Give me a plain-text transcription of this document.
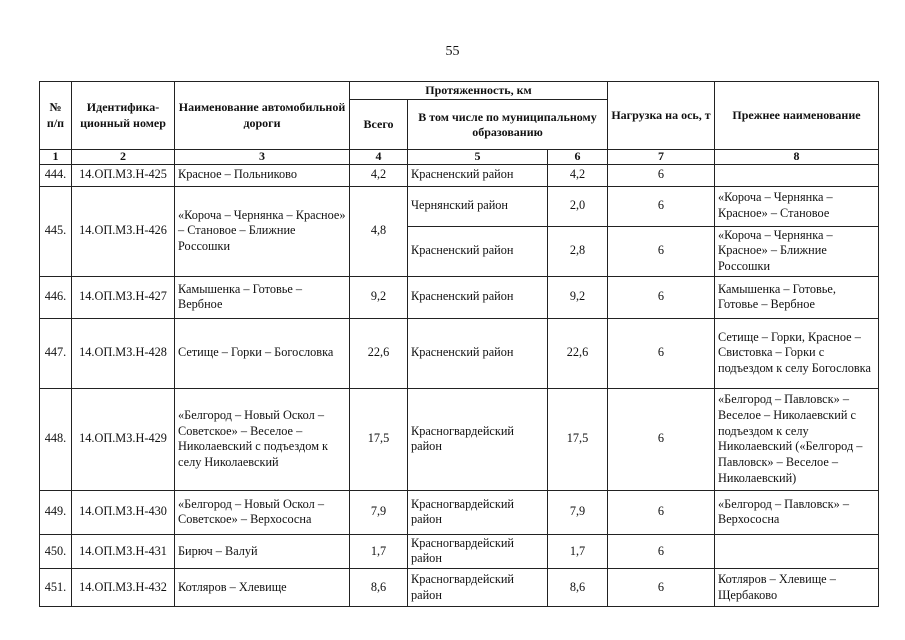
55
№ п/п	Идентифика-ционный номер	Наименование автомобильной дороги	Протяженность, км			Нагрузка на ось, т	Прежнее наименование
			Всего	В том числе по муниципальному образованию			
1	2	3	4	5	6	7	8
444.	14.ОП.МЗ.Н-425	Красное – Польниково	4,2	Красненский район	4,2	6	
445.	14.ОП.МЗ.Н-426	«Короча – Чернянка – Красное» – Становое – Ближние Россошки	4,8	Чернянский район	2,0	6	«Короча – Чернянка – Красное» – Становое
				Красненский район	2,8	6	«Короча – Чернянка – Красное» – Ближние Россошки
446.	14.ОП.МЗ.Н-427	Камышенка – Готовье – Вербное	9,2	Красненский район	9,2	6	Камышенка – Готовье, Готовье – Вербное
447.	14.ОП.МЗ.Н-428	Сетище – Горки – Богословка	22,6	Красненский район	22,6	6	Сетище – Горки, Красное – Свистовка – Горки с подъездом к селу Богословка
448.	14.ОП.МЗ.Н-429	«Белгород – Новый Оскол – Советское» – Веселое – Николаевский с подъездом к селу Николаевский	17,5	Красногвардейский район	17,5	6	«Белгород – Павловск» – Веселое – Николаевский с подъездом к селу Николаевский («Белгород – Павловск» – Веселое – Николаевский)
449.	14.ОП.МЗ.Н-430	«Белгород – Новый Оскол – Советское» – Верхососна	7,9	Красногвардейский район	7,9	6	«Белгород – Павловск» – Верхососна
450.	14.ОП.МЗ.Н-431	Бирюч – Валуй	1,7	Красногвардейский район	1,7	6	
451.	14.ОП.МЗ.Н-432	Котляров – Хлевище	8,6	Красногвардейский район	8,6	6	Котляров – Хлевище – Щербаково
